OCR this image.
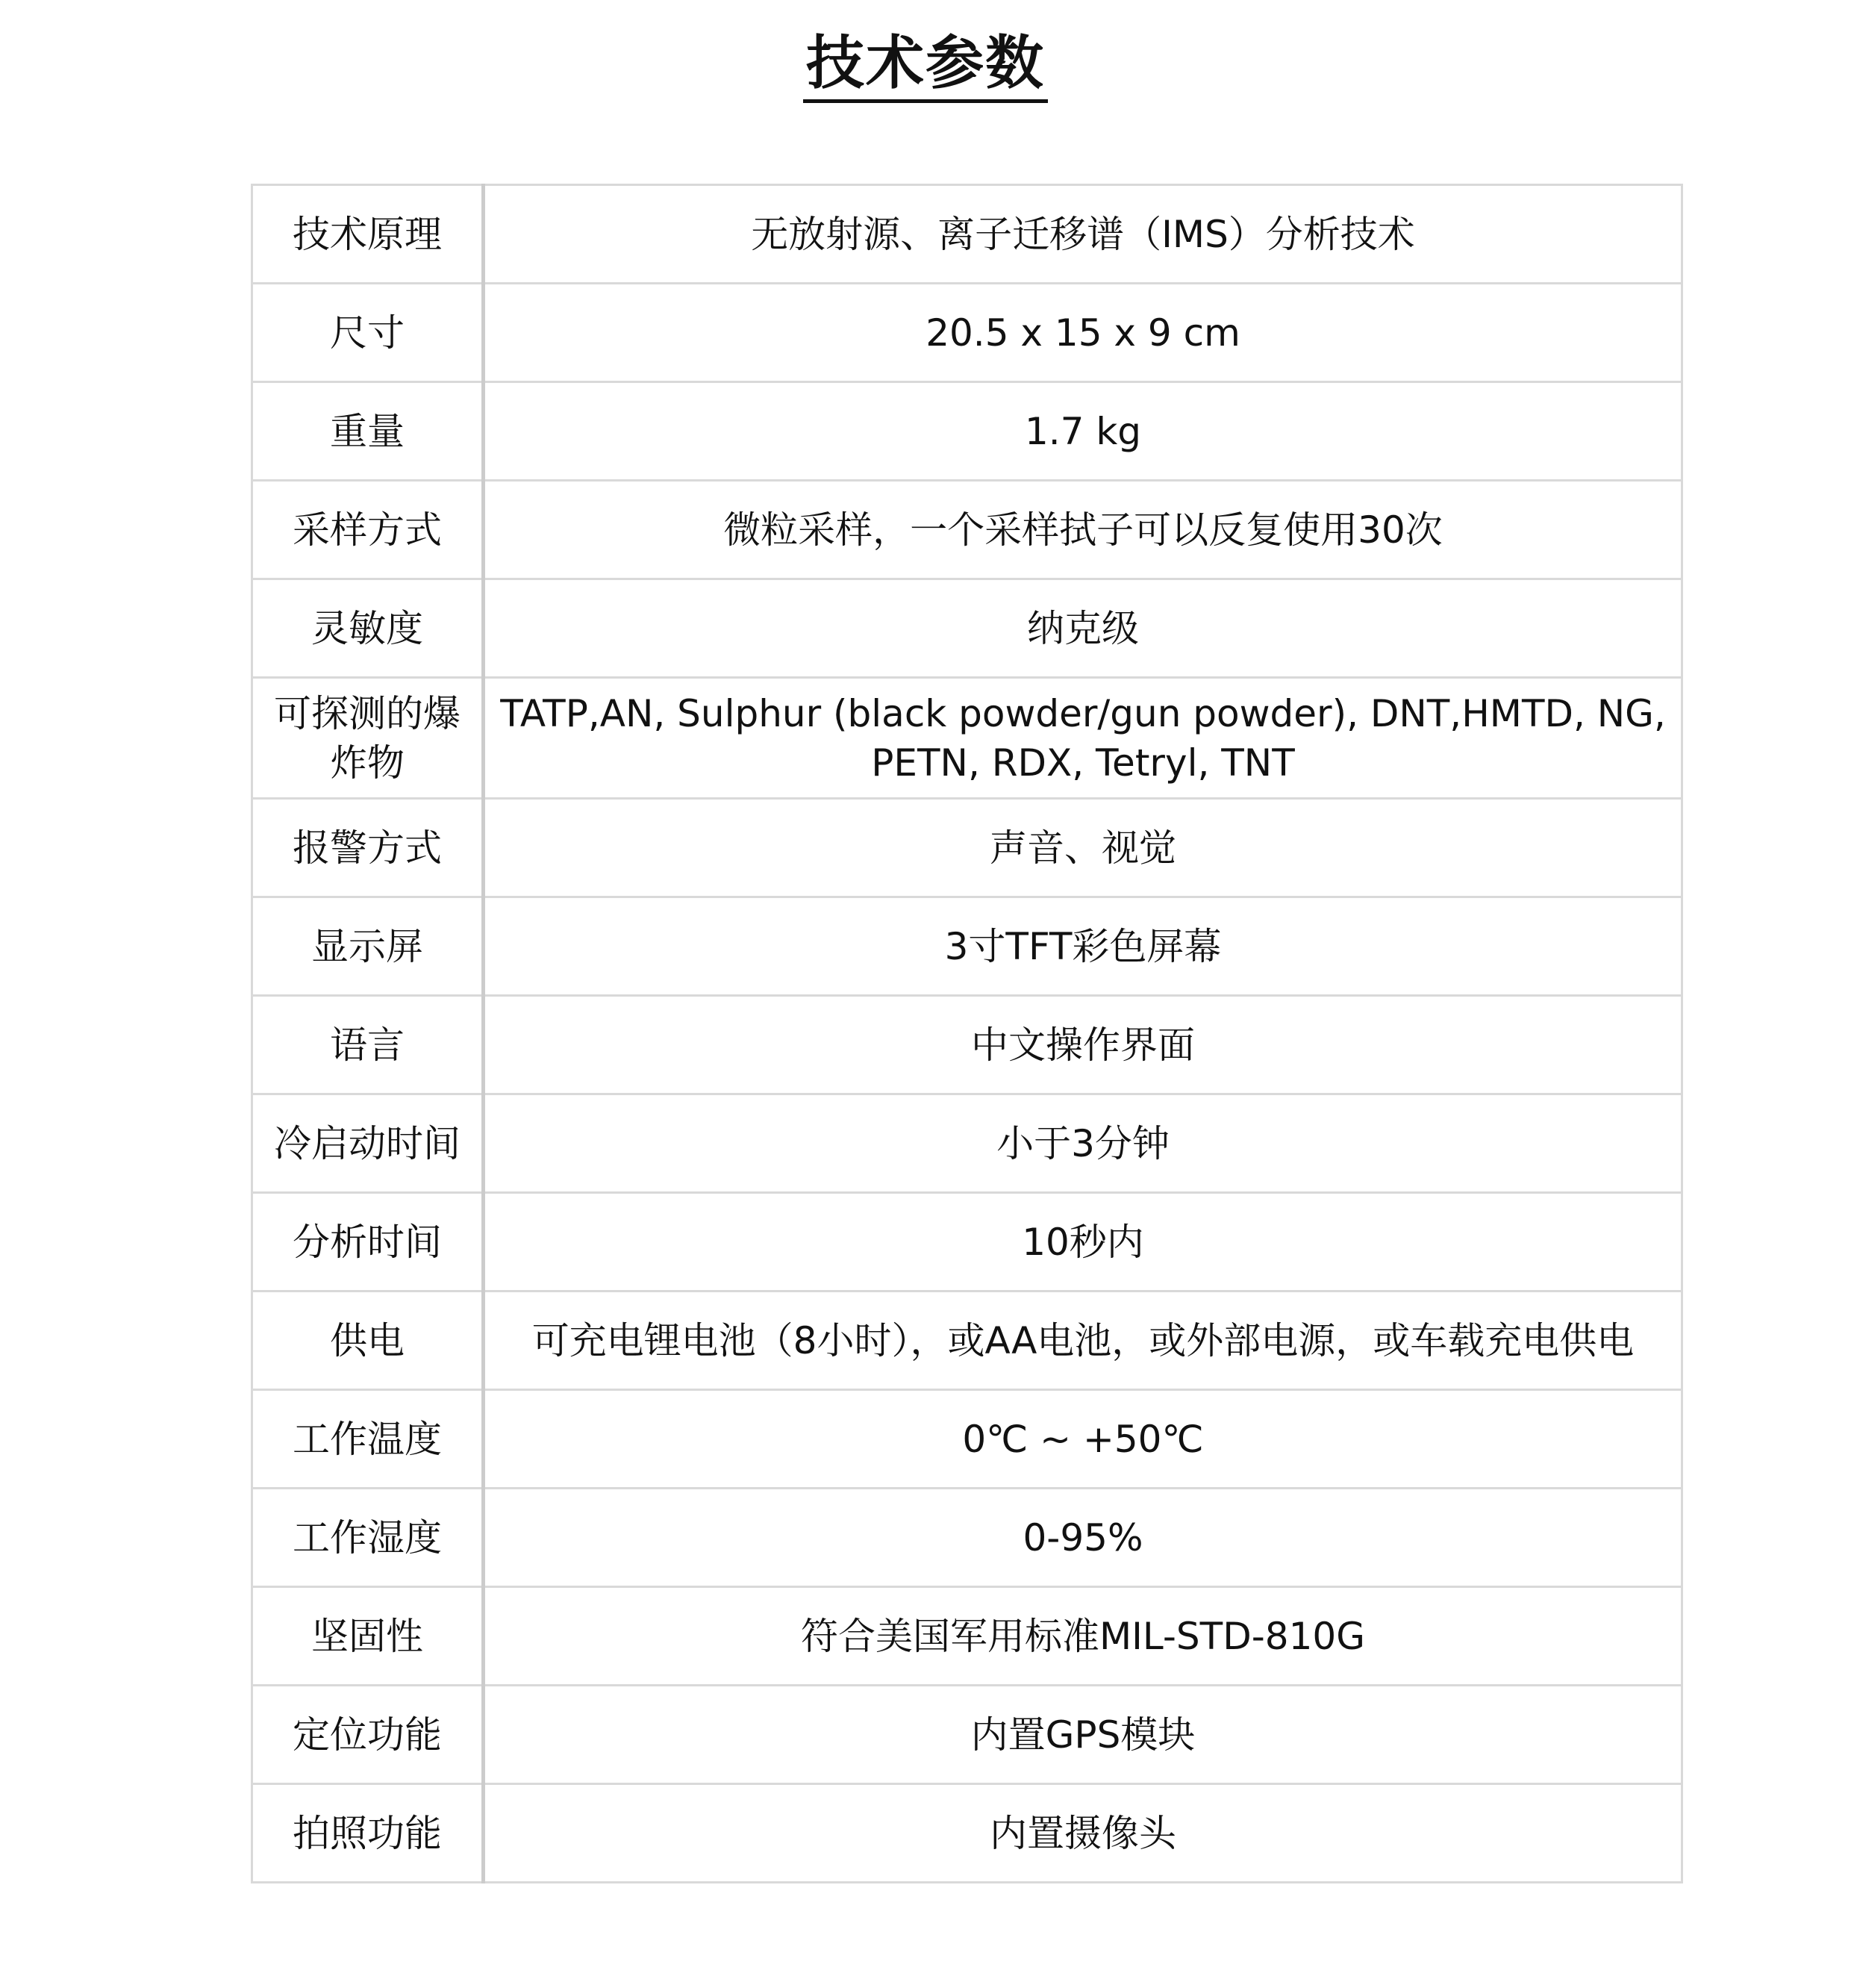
技术参数
技术原理	无放射源、离子迁移谱（IMS）分析技术
尺寸	20.5 x 15 x 9 cm
重量	1.7 kg
采样方式	微粒采样，一个采样拭子可以反复使用30次
灵敏度	纳克级
可探测的爆炸物	TATP,AN, Sulphur (black powder/gun powder), DNT,HMTD, NG, PETN, RDX, Tetryl, TNT
报警方式	声音、视觉
显示屏	3寸TFT彩色屏幕
语言	中文操作界面
冷启动时间	小于3分钟
分析时间	10秒内
供电	可充电锂电池（8小时），或AA电池，或外部电源，或车载充电供电
工作温度	0℃ ~ +50℃
工作湿度	0-95%
坚固性	符合美国军用标准MIL-STD-810G
定位功能	内置GPS模块
拍照功能	内置摄像头
